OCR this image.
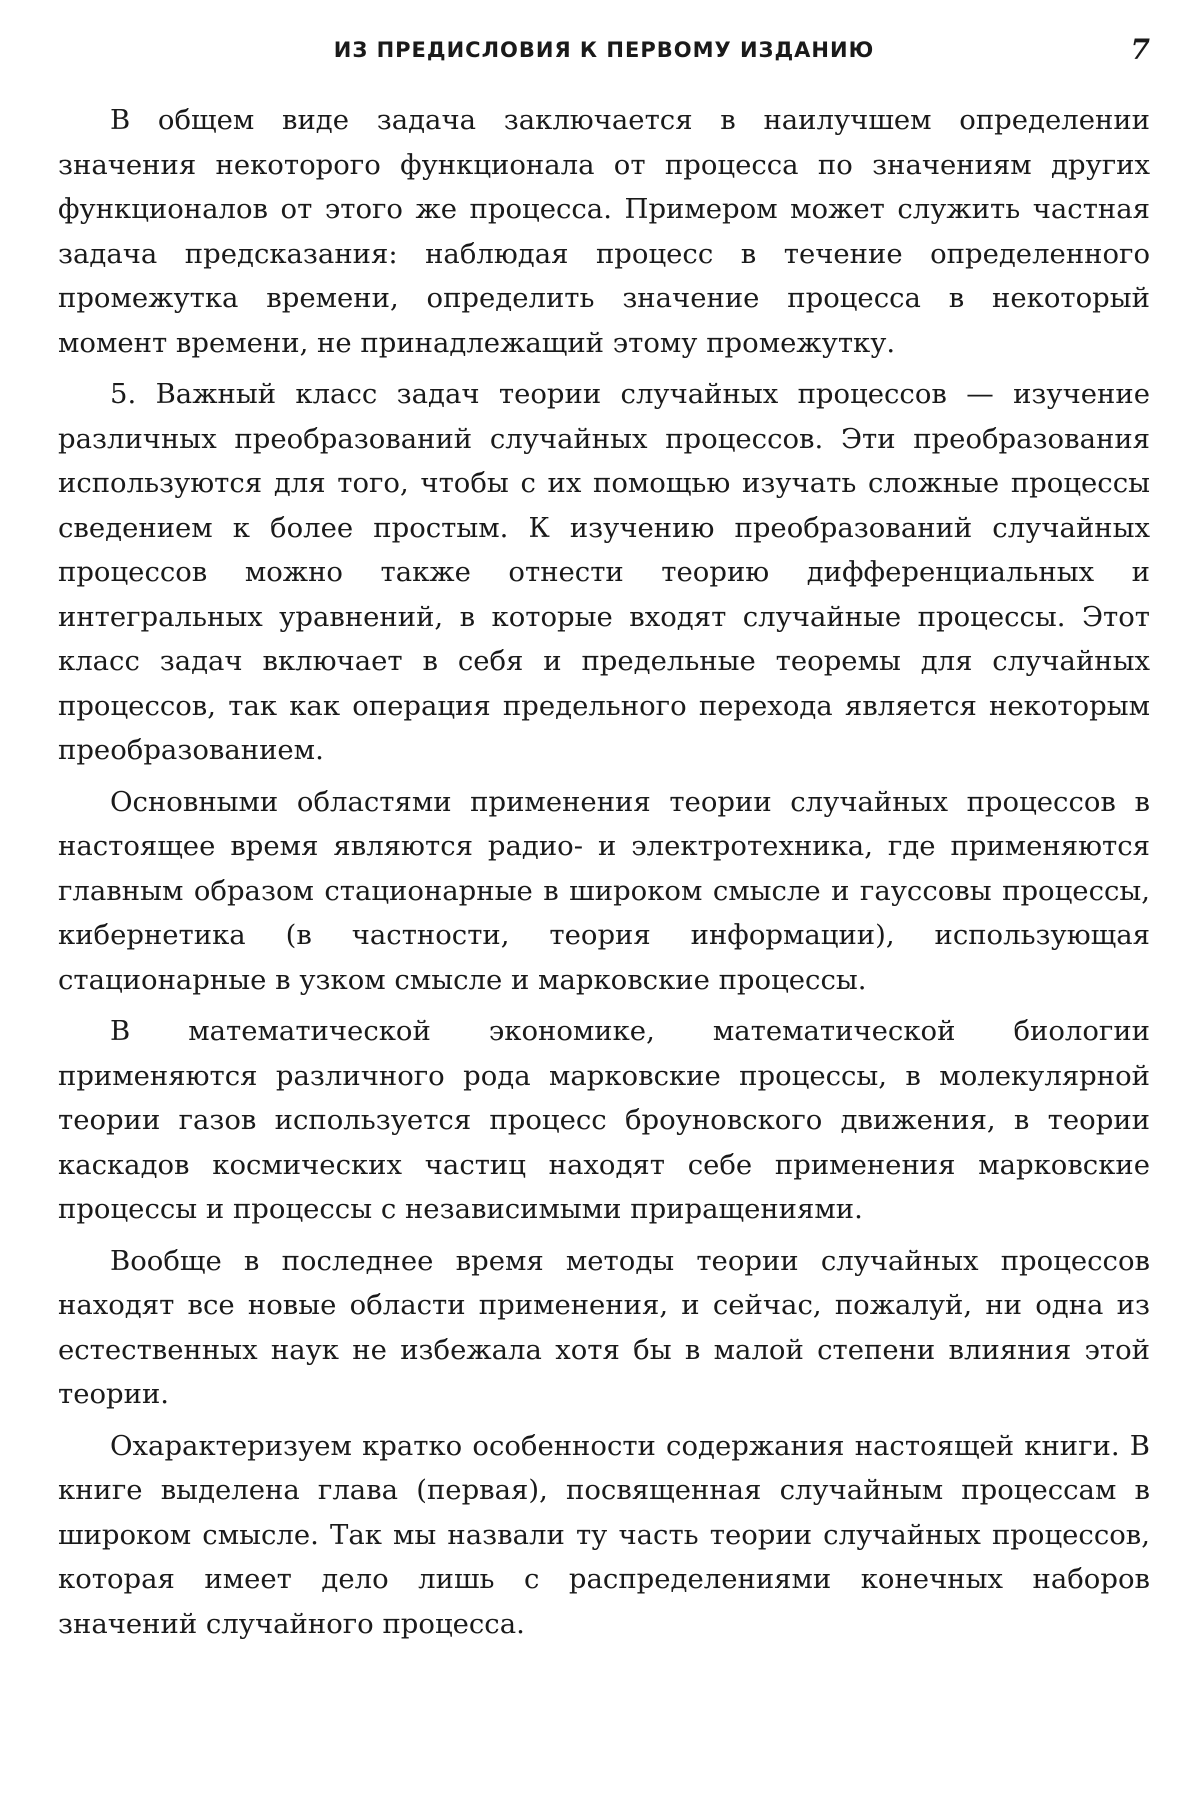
ИЗ ПРЕДИСЛОВИЯ К ПЕРВОМУ ИЗДАНИЮ	7

В общем виде задача заключается в наилучшем определении значения некоторого функционала от процесса по значениям других функционалов от этого же процесса. Примером может служить частная задача предсказания: наблюдая процесс в течение определенного промежутка времени, определить значение процесса в некоторый момент времени, не принадлежащий этому промежутку.

5. Важный класс задач теории случайных процессов — изучение различных преобразований случайных процессов. Эти преобразования используются для того, чтобы с их помощью изучать сложные процессы сведением к более простым. К изучению преобразований случайных процессов можно также отнести теорию дифференциальных и интегральных уравнений, в которые входят случайные процессы. Этот класс задач включает в себя и предельные теоремы для случайных процессов, так как операция предельного перехода является некоторым преобразованием.

Основными областями применения теории случайных процессов в настоящее время являются радио- и электротехника, где применяются главным образом стационарные в широком смысле и гауссовы процессы, кибернетика (в частности, теория информации), использующая стационарные в узком смысле и марковские процессы.

В математической экономике, математической биологии применяются различного рода марковские процессы, в молекулярной теории газов используется процесс броуновского движения, в теории каскадов космических частиц находят себе применения марковские процессы и процессы с независимыми приращениями.

Вообще в последнее время методы теории случайных процессов находят все новые области применения, и сейчас, пожалуй, ни одна из естественных наук не избежала хотя бы в малой степени влияния этой теории.

Охарактеризуем кратко особенности содержания настоящей книги. В книге выделена глава (первая), посвященная случайным процессам в широком смысле. Так мы назвали ту часть теории случайных процессов, которая имеет дело лишь с распределениями конечных наборов значений случайного процесса.
